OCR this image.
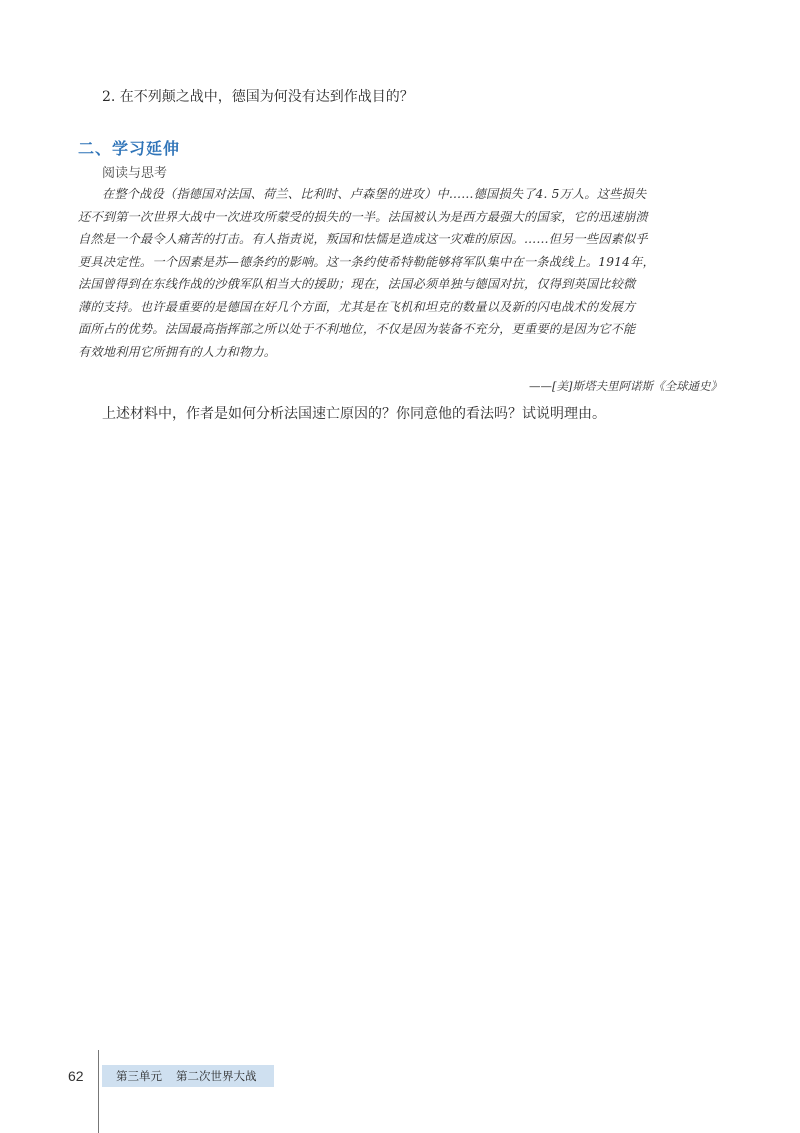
2. 在不列颠之战中，德国为何没有达到作战目的？
二、学习延伸
阅读与思考
在整个战役（指德国对法国、荷兰、比利时、卢森堡的进攻）中……德国损失了4. 5万人。这些损失
还不到第一次世界大战中一次进攻所蒙受的损失的一半。法国被认为是西方最强大的国家，它的迅速崩溃
自然是一个最令人痛苦的打击。有人指责说，叛国和怯懦是造成这一灾难的原因。……但另一些因素似乎
更具决定性。一个因素是苏—德条约的影响。这一条约使希特勒能够将军队集中在一条战线上。1914年，
法国曾得到在东线作战的沙俄军队相当大的援助；现在，法国必须单独与德国对抗，仅得到英国比较微
薄的支持。也许最重要的是德国在好几个方面，尤其是在飞机和坦克的数量以及新的闪电战术的发展方
面所占的优势。法国最高指挥部之所以处于不利地位，不仅是因为装备不充分，更重要的是因为它不能
有效地利用它所拥有的人力和物力。
——[美]斯塔夫里阿诺斯《全球通史》
上述材料中，作者是如何分析法国速亡原因的？你同意他的看法吗？试说明理由。
62	第三单元 第二次世界大战
